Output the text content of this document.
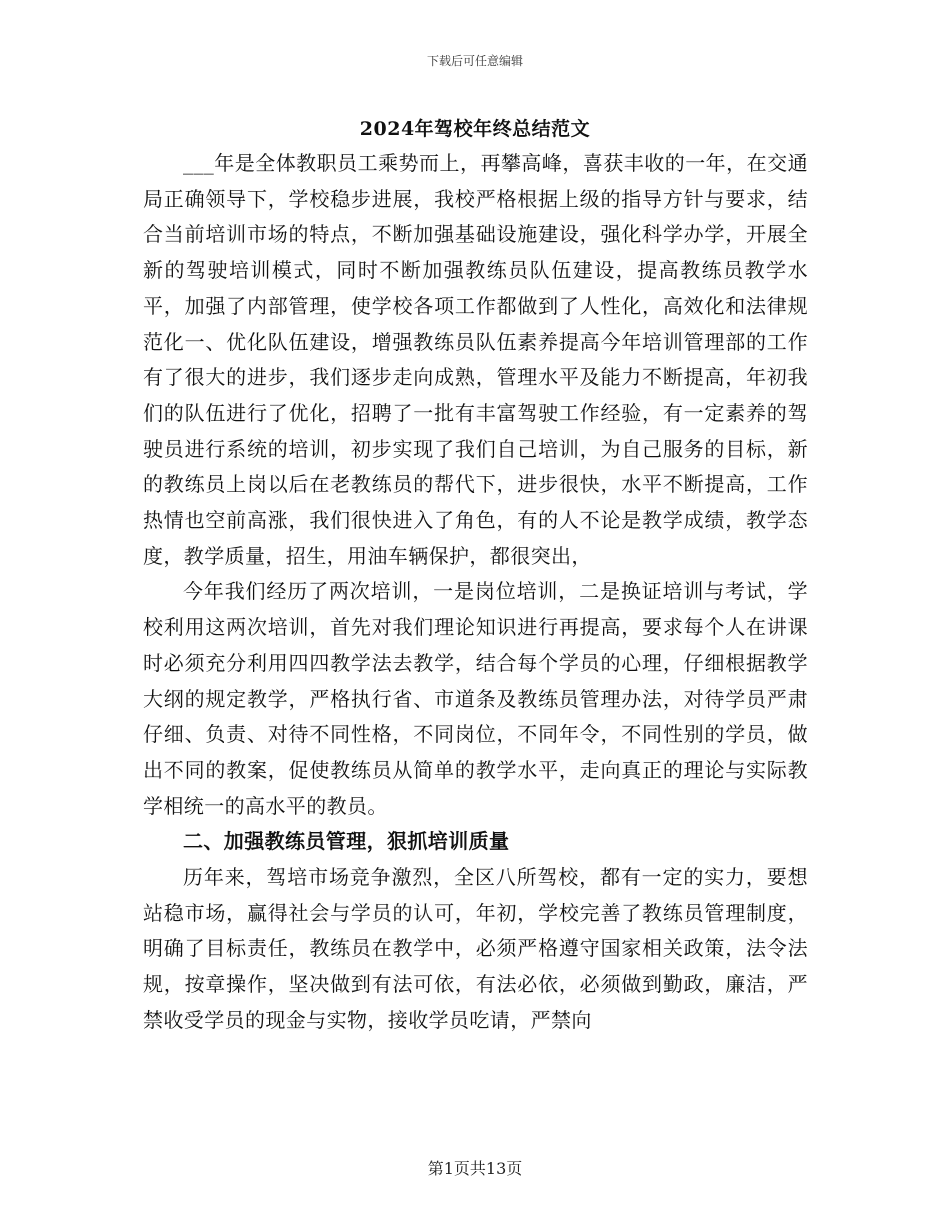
下载后可任意编辑
2024年驾校年终总结范文

___年是全体教职员工乘势而上，再攀高峰，喜获丰收的一年，在交通局正确领导下，学校稳步进展，我校严格根据上级的指导方针与要求，结合当前培训市场的特点，不断加强基础设施建设，强化科学办学，开展全新的驾驶培训模式，同时不断加强教练员队伍建设，提高教练员教学水平，加强了内部管理，使学校各项工作都做到了人性化，高效化和法律规范化一、优化队伍建设，增强教练员队伍素养提高今年培训管理部的工作有了很大的进步，我们逐步走向成熟，管理水平及能力不断提高，年初我们的队伍进行了优化，招聘了一批有丰富驾驶工作经验，有一定素养的驾驶员进行系统的培训，初步实现了我们自己培训，为自己服务的目标，新的教练员上岗以后在老教练员的帮代下，进步很快，水平不断提高，工作热情也空前高涨，我们很快进入了角色，有的人不论是教学成绩，教学态度，教学质量，招生，用油车辆保护，都很突出，

今年我们经历了两次培训，一是岗位培训，二是换证培训与考试，学校利用这两次培训，首先对我们理论知识进行再提高，要求每个人在讲课时必须充分利用四四教学法去教学，结合每个学员的心理，仔细根据教学大纲的规定教学，严格执行省、市道条及教练员管理办法，对待学员严肃仔细、负责、对待不同性格，不同岗位，不同年令，不同性别的学员，做出不同的教案，促使教练员从简单的教学水平，走向真正的理论与实际教学相统一的高水平的教员。

二、加强教练员管理，狠抓培训质量

历年来，驾培市场竞争激烈，全区八所驾校，都有一定的实力，要想站稳市场，赢得社会与学员的认可，年初，学校完善了教练员管理制度，明确了目标责任，教练员在教学中，必须严格遵守国家相关政策，法令法规，按章操作，坚决做到有法可依，有法必依，必须做到勤政，廉洁，严禁收受学员的现金与实物，接收学员吃请，严禁向

第1页共13页
